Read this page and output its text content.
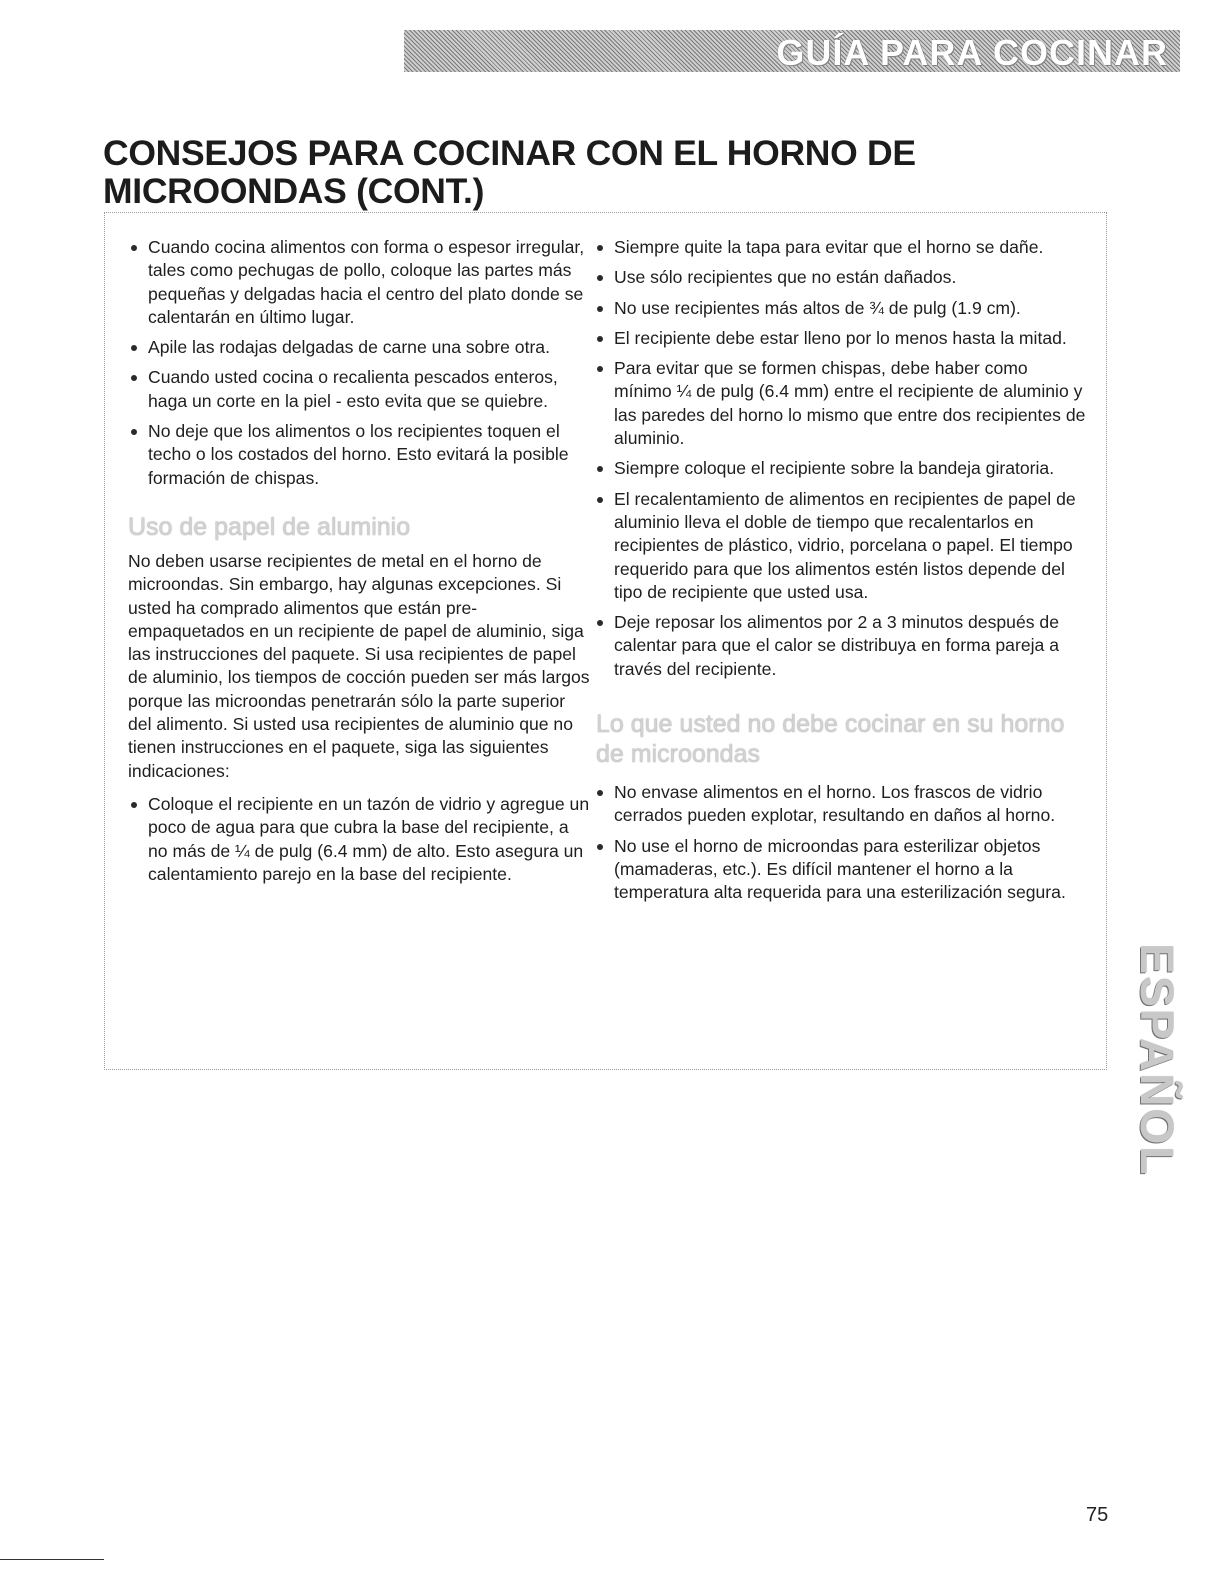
GUÍA PARA COCINAR
CONSEJOS PARA COCINAR CON EL HORNO DE MICROONDAS (CONT.)
Cuando cocina alimentos con forma o espesor irregular, tales como pechugas de pollo, coloque las partes más pequeñas y delgadas hacia el centro del plato donde se calentarán en último lugar.
Apile las rodajas delgadas de carne una sobre otra.
Cuando usted cocina o recalienta pescados enteros, haga un corte en la piel - esto evita que se quiebre.
No deje que los alimentos o los recipientes toquen el techo o los costados del horno. Esto evitará la posible formación de chispas.
Uso de papel de aluminio

No deben usarse recipientes de metal en el horno de microondas. Sin embargo, hay algunas excepciones. Si usted ha comprado alimentos que están pre-empaquetados en un recipiente de papel de aluminio, siga las instrucciones del paquete. Si usa recipientes de papel de aluminio, los tiempos de cocción pueden ser más largos porque las microondas penetrarán sólo la parte superior del alimento. Si usted usa recipientes de aluminio que no tienen instrucciones en el paquete, siga las siguientes indicaciones:

Coloque el recipiente en un tazón de vidrio y agregue un poco de agua para que cubra la base del recipiente, a no más de ¼ de pulg (6.4 mm) de alto. Esto asegura un calentamiento parejo en la base del recipiente.
Siempre quite la tapa para evitar que el horno se dañe.
Use sólo recipientes que no están dañados.
No use recipientes más altos de ¾ de pulg (1.9 cm).
El recipiente debe estar lleno por lo menos hasta la mitad.
Para evitar que se formen chispas, debe haber como mínimo ¼ de pulg (6.4 mm) entre el recipiente de aluminio y las paredes del horno lo mismo que entre dos recipientes de aluminio.
Siempre coloque el recipiente sobre la bandeja giratoria.
El recalentamiento de alimentos en recipientes de papel de aluminio lleva el doble de tiempo que recalentarlos en recipientes de plástico, vidrio, porcelana o papel. El tiempo requerido para que los alimentos estén listos depende del tipo de recipiente que usted usa.
Deje reposar los alimentos por 2 a 3 minutos después de calentar para que el calor se distribuya en forma pareja a través del recipiente.
Lo que usted no debe cocinar en su horno de microondas
No envase alimentos en el horno. Los frascos de vidrio cerrados pueden explotar, resultando en daños al horno.
No use el horno de microondas para esterilizar objetos (mamaderas, etc.). Es difícil mantener el horno a la temperatura alta requerida para una esterilización segura.
ESPAÑOL
75
